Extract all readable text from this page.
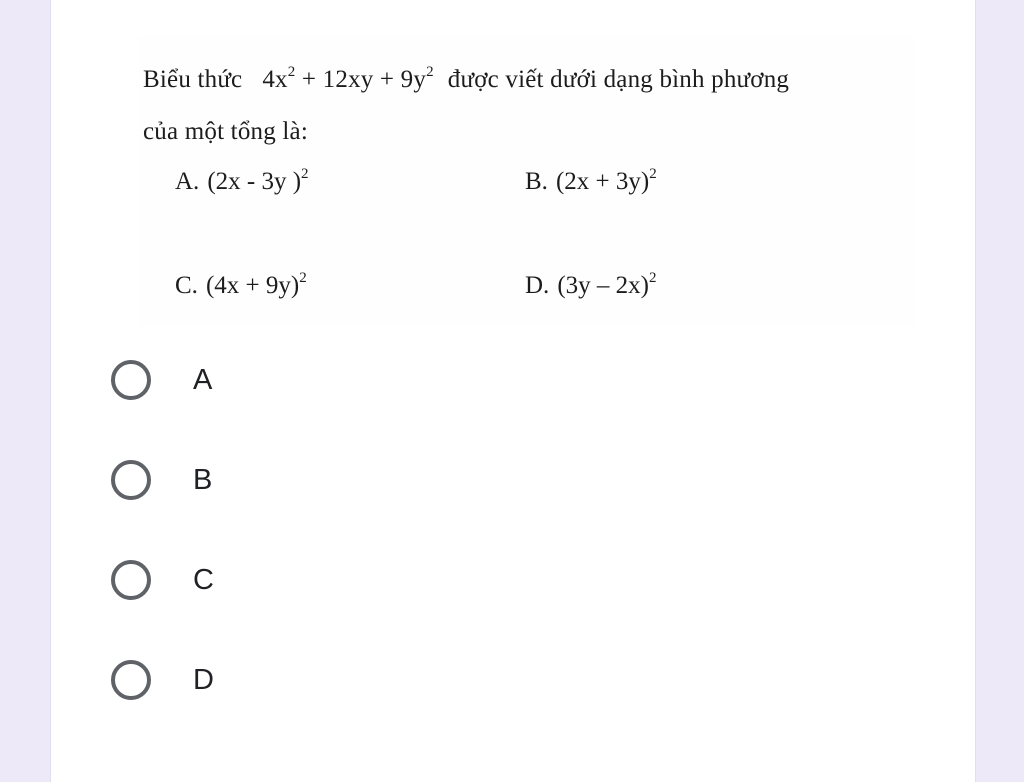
Biểu thức $4x^2 + 12xy + 9y^2$ được viết dưới dạng bình phương
của một tổng là:
A. (2x - 3y )$^2$	B. $(2x + 3y)^2$
C. $(4x + 9y)^2$	D. (3y – 2x)$^2$
A
B
C
D
